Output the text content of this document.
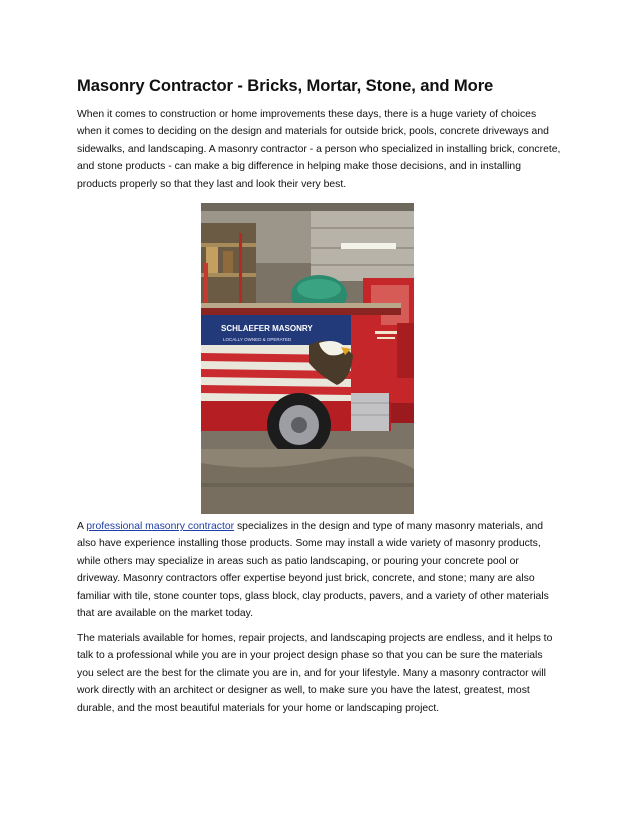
Masonry Contractor - Bricks, Mortar, Stone, and More

When it comes to construction or home improvements these days, there is a huge variety of choices
when it comes to deciding on the design and materials for outside brick, pools, concrete driveways and
sidewalks, and landscaping. A masonry contractor - a person who specialized in installing brick, concrete,
and stone products - can make a big difference in helping make those decisions, and in installing
products properly so that they last and look their very best.

SCHLAEFER MASONRY
LOCALLY OWNED & OPERATED

A professional masonry contractor specializes in the design and type of many masonry materials, and
also have experience installing those products. Some may install a wide variety of masonry products,
while others may specialize in areas such as patio landscaping, or pouring your concrete pool or
driveway. Masonry contractors offer expertise beyond just brick, concrete, and stone; many are also
familiar with tile, stone counter tops, glass block, clay products, pavers, and a variety of other materials
that are available on the market today.

The materials available for homes, repair projects, and landscaping projects are endless, and it helps to
talk to a professional while you are in your project design phase so that you can be sure the materials
you select are the best for the climate you are in, and for your lifestyle. Many a masonry contractor will
work directly with an architect or designer as well, to make sure you have the latest, greatest, most
durable, and the most beautiful materials for your home or landscaping project.
